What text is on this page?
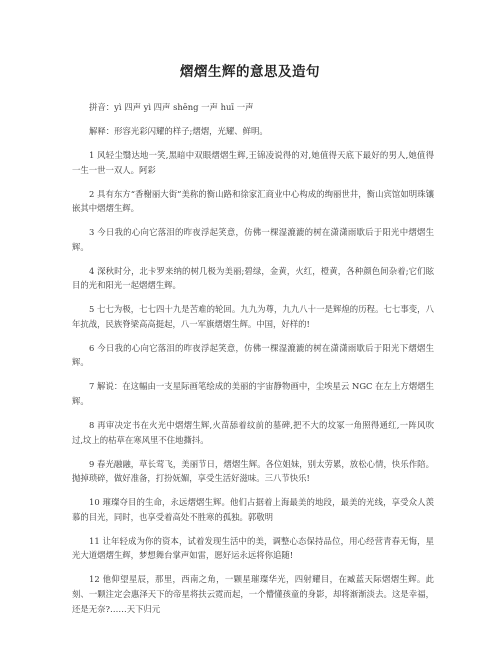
熠熠生辉的意思及造句

拼音：yì 四声 yì 四声 shēng 一声 huī 一声

解释：形容光彩闪耀的样子;熠熠，光耀、鲜明。

1 风轻尘翳达地一笑,黑暗中双眼熠熠生辉,王锦凌说得的对,她值得天底下最好的男人,她值得一生一世一双人。阿彩

2 具有东方“香榭丽大街”美称的衡山路和徐家汇商业中心构成的绚丽世井，衡山宾馆如明珠镶嵌其中熠熠生辉。

3 今日我的心向它落泪的昨夜浮起笑意，仿佛一棵湿漉漉的树在潇潇雨歇后于阳光中熠熠生辉。

4 深秋时分，北卡罗来纳的树几极为美丽;碧绿，金黄，火红，橙黄，各种颜色间杂着;它们眩目的光和阳光一起熠熠生辉。

5 七七为极，七七四十九是苦难的轮回。九九为尊，九九八十一是辉煌的历程。七七事变，八年抗战，民族脊梁高高挺起，八一军旗熠熠生辉。中国，好样的!

6 今日我的心向它落泪的昨夜浮起笑意，仿佛一棵湿漉漉的树在潇潇雨歇后于阳光下熠熠生辉。

7 解说：在这幅由一支星际画笔绘成的美丽的宇宙静物画中，尘埃星云 NGC 在左上方熠熠生辉。

8 再审决定书在火光中熠熠生辉,火苗舔着纹前的墓碑,把不大的坟冢一角照得通红,一阵风吹过,坟上的枯草在寒风里不住地撕抖。

9 春光融融，草长莺飞，美丽节日，熠熠生辉。各位姐妹，别太劳累，放松心情，快乐作陪。抛掉琐碎，做好准备，打扮妩媚，享受生活好滋味。三八节快乐!

10 璀璨夺目的生命，永远熠熠生辉。他们占据着上海最美的地段，最美的光线，享受众人羡慕的目光，同时，也享受着高处不胜寒的孤独。郭敬明

11 让年轻成为你的资本，试着发现生活中的美，调整心态保持品位，用心经营青春无悔，星光大道熠熠生辉，梦想舞台掌声如雷，愿好运永远将你追随!

12 他仰望星辰，那里，西南之角，一颗星璀璨华光，四射耀目，在臧蓝天际熠熠生辉。此刻、一颗注定会惠泽天下的帝星将扶云霓而起，一个懵懂孩童的身影，却将渐渐淡去。这是幸福，还是无奈?……天下归元
